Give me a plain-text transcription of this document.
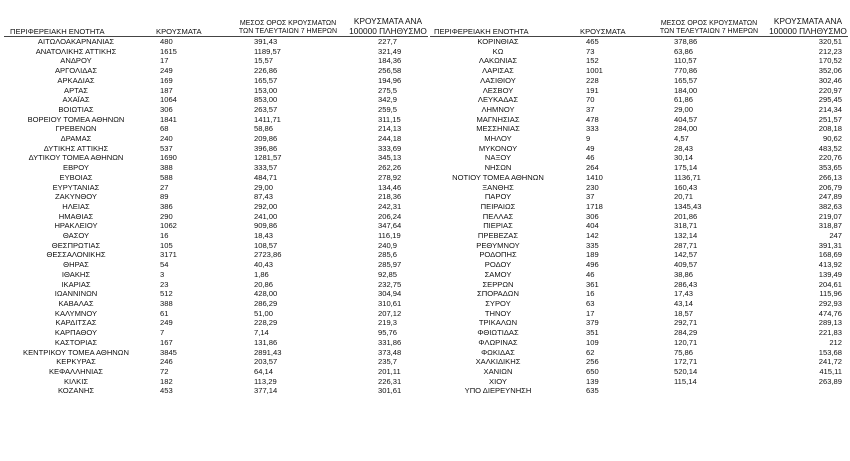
ΠΕΡΙΦΕΡΕΙΑΚΗ ΕΝΟΤΗΤΑ	ΚΡΟΥΣΜΑΤΑ	ΜΕΣΟΣ ΟΡΟΣ ΚΡΟΥΣΜΑΤΩΝ ΤΩΝ ΤΕΛΕΥΤΑΙΩΝ 7 ΗΜΕΡΩΝ	ΚΡΟΥΣΜΑΤΑ ΑΝΑ 100000 ΠΛΗΘΥΣΜΟ
ΑΙΤΩΛΟΑΚΑΡΝΑΝΙΑΣ	480	391,43	227,7
ΑΝΑΤΟΛΙΚΗΣ ΑΤΤΙΚΗΣ	1615	1189,57	321,49
ΑΝΔΡΟΥ	17	15,57	184,36
ΑΡΓΟΛΙΔΑΣ	249	226,86	256,58
ΑΡΚΑΔΙΑΣ	169	165,57	194,96
ΑΡΤΑΣ	187	153,00	275,5
ΑΧΑΪΑΣ	1064	853,00	342,9
ΒΟΙΩΤΙΑΣ	306	263,57	259,5
ΒΟΡΕΙΟΥ ΤΟΜΕΑ ΑΘΗΝΩΝ	1841	1411,71	311,15
ΓΡΕΒΕΝΩΝ	68	58,86	214,13
ΔΡΑΜΑΣ	240	209,86	244,18
ΔΥΤΙΚΗΣ ΑΤΤΙΚΗΣ	537	396,86	333,69
ΔΥΤΙΚΟΥ ΤΟΜΕΑ ΑΘΗΝΩΝ	1690	1281,57	345,13
ΕΒΡΟΥ	388	333,57	262,26
ΕΥΒΟΙΑΣ	588	484,71	278,92
ΕΥΡΥΤΑΝΙΑΣ	27	29,00	134,46
ΖΑΚΥΝΘΟΥ	89	87,43	218,36
ΗΛΕΙΑΣ	386	292,00	242,31
ΗΜΑΘΙΑΣ	290	241,00	206,24
ΗΡΑΚΛΕΙΟΥ	1062	909,86	347,64
ΘΑΣΟΥ	16	18,43	116,19
ΘΕΣΠΡΩΤΙΑΣ	105	108,57	240,9
ΘΕΣΣΑΛΟΝΙΚΗΣ	3171	2723,86	285,6
ΘΗΡΑΣ	54	40,43	285,97
ΙΘΑΚΗΣ	3	1,86	92,85
ΙΚΑΡΙΑΣ	23	20,86	232,75
ΙΩΑΝΝΙΝΩΝ	512	428,00	304,94
ΚΑΒΑΛΑΣ	388	286,29	310,61
ΚΑΛΥΜΝΟΥ	61	51,00	207,12
ΚΑΡΔΙΤΣΑΣ	249	228,29	219,3
ΚΑΡΠΑΘΟΥ	7	7,14	95,76
ΚΑΣΤΟΡΙΑΣ	167	131,86	331,86
ΚΕΝΤΡΙΚΟΥ ΤΟΜΕΑ ΑΘΗΝΩΝ	3845	2891,43	373,48
ΚΕΡΚΥΡΑΣ	246	203,57	235,7
ΚΕΦΑΛΛΗΝΙΑΣ	72	64,14	201,11
ΚΙΛΚΙΣ	182	113,29	226,31
ΚΟΖΑΝΗΣ	453	377,14	301,61
ΠΕΡΙΦΕΡΕΙΑΚΗ ΕΝΟΤΗΤΑ	ΚΡΟΥΣΜΑΤΑ	ΜΕΣΟΣ ΟΡΟΣ ΚΡΟΥΣΜΑΤΩΝ ΤΩΝ ΤΕΛΕΥΤΑΙΩΝ 7 ΗΜΕΡΩΝ	ΚΡΟΥΣΜΑΤΑ ΑΝΑ 100000 ΠΛΗΘΥΣΜΟ
ΚΟΡΙΝΘΙΑΣ	465	378,86	320,51
ΚΩ	73	63,86	212,23
ΛΑΚΩΝΙΑΣ	152	110,57	170,52
ΛΑΡΙΣΑΣ	1001	770,86	352,06
ΛΑΣΙΘΙΟΥ	228	165,57	302,46
ΛΕΣΒΟΥ	191	184,00	220,97
ΛΕΥΚΑΔΑΣ	70	61,86	295,45
ΛΗΜΝΟΥ	37	29,00	214,34
ΜΑΓΝΗΣΙΑΣ	478	404,57	251,57
ΜΕΣΣΗΝΙΑΣ	333	284,00	208,18
ΜΗΛΟΥ	9	4,57	90,62
ΜΥΚΟΝΟΥ	49	28,43	483,52
ΝΑΞΟΥ	46	30,14	220,76
ΝΗΣΩΝ	264	175,14	353,65
ΝΟΤΙΟΥ ΤΟΜΕΑ ΑΘΗΝΩΝ	1410	1136,71	266,13
ΞΑΝΘΗΣ	230	160,43	206,79
ΠΑΡΟΥ	37	20,71	247,89
ΠΕΙΡΑΙΩΣ	1718	1345,43	382,63
ΠΕΛΛΑΣ	306	201,86	219,07
ΠΙΕΡΙΑΣ	404	318,71	318,87
ΠΡΕΒΕΖΑΣ	142	132,14	247
ΡΕΘΥΜΝΟΥ	335	287,71	391,31
ΡΟΔΟΠΗΣ	189	142,57	168,69
ΡΟΔΟΥ	496	409,57	413,92
ΣΑΜΟΥ	46	38,86	139,49
ΣΕΡΡΩΝ	361	286,43	204,61
ΣΠΟΡΑΔΩΝ	16	17,43	115,96
ΣΥΡΟΥ	63	43,14	292,93
ΤΗΝΟΥ	17	18,57	474,76
ΤΡΙΚΑΛΩΝ	379	292,71	289,13
ΦΘΙΩΤΙΔΑΣ	351	284,29	221,83
ΦΛΩΡΙΝΑΣ	109	120,71	212
ΦΩΚΙΔΑΣ	62	75,86	153,68
ΧΑΛΚΙΔΙΚΗΣ	256	172,71	241,72
ΧΑΝΙΩΝ	650	520,14	415,11
ΧΙΟΥ	139	115,14	263,89
ΥΠΟ ΔΙΕΡΕΥΝΗΣΗ	635		
